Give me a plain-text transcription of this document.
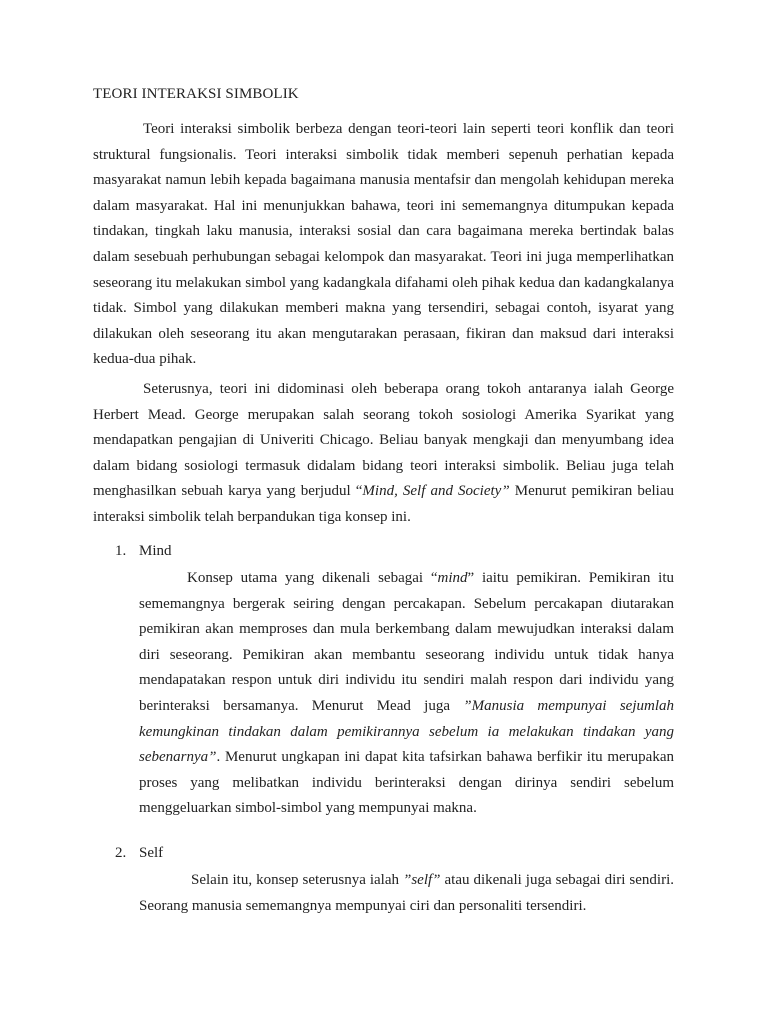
TEORI INTERAKSI SIMBOLIK

Teori interaksi simbolik berbeza dengan teori-teori lain seperti teori konflik dan teori struktural fungsionalis. Teori interaksi simbolik tidak memberi sepenuh perhatian kepada masyarakat namun lebih kepada bagaimana manusia mentafsir dan mengolah kehidupan mereka dalam masyarakat. Hal ini menunjukkan bahawa, teori ini sememangnya ditumpukan kepada tindakan, tingkah laku manusia, interaksi sosial dan cara bagaimana mereka bertindak balas dalam sesebuah perhubungan sebagai kelompok dan masyarakat. Teori ini juga memperlihatkan seseorang itu melakukan simbol yang kadangkala difahami oleh pihak kedua dan kadangkalanya tidak. Simbol yang dilakukan memberi makna yang tersendiri, sebagai contoh, isyarat yang dilakukan oleh seseorang itu akan mengutarakan perasaan, fikiran dan maksud dari interaksi kedua-dua pihak.

Seterusnya, teori ini didominasi oleh beberapa orang tokoh antaranya ialah George Herbert Mead. George merupakan salah seorang tokoh sosiologi Amerika Syarikat yang mendapatkan pengajian di Univeriti Chicago. Beliau banyak mengkaji dan menyumbang idea dalam bidang sosiologi termasuk didalam bidang teori interaksi simbolik. Beliau juga telah menghasilkan sebuah karya yang berjudul “Mind, Self and Society” Menurut pemikiran beliau interaksi simbolik telah berpandukan tiga konsep ini.

1. Mind

Konsep utama yang dikenali sebagai “mind” iaitu pemikiran. Pemikiran itu sememangnya bergerak seiring dengan percakapan. Sebelum percakapan diutarakan pemikiran akan memproses dan mula berkembang dalam mewujudkan interaksi dalam diri seseorang. Pemikiran akan membantu seseorang individu untuk tidak hanya mendapatakan respon untuk diri individu itu sendiri malah respon dari individu yang berinteraksi bersamanya. Menurut Mead juga ”Manusia mempunyai sejumlah kemungkinan tindakan dalam pemikirannya sebelum ia melakukan tindakan yang sebenarnya”. Menurut ungkapan ini dapat kita tafsirkan bahawa berfikir itu merupakan proses yang melibatkan individu berinteraksi dengan dirinya sendiri sebelum menggeluarkan simbol-simbol yang mempunyai makna.

2. Self

Selain itu, konsep seterusnya ialah ”self” atau dikenali juga sebagai diri sendiri. Seorang manusia sememangnya mempunyai ciri dan personaliti tersendiri.
